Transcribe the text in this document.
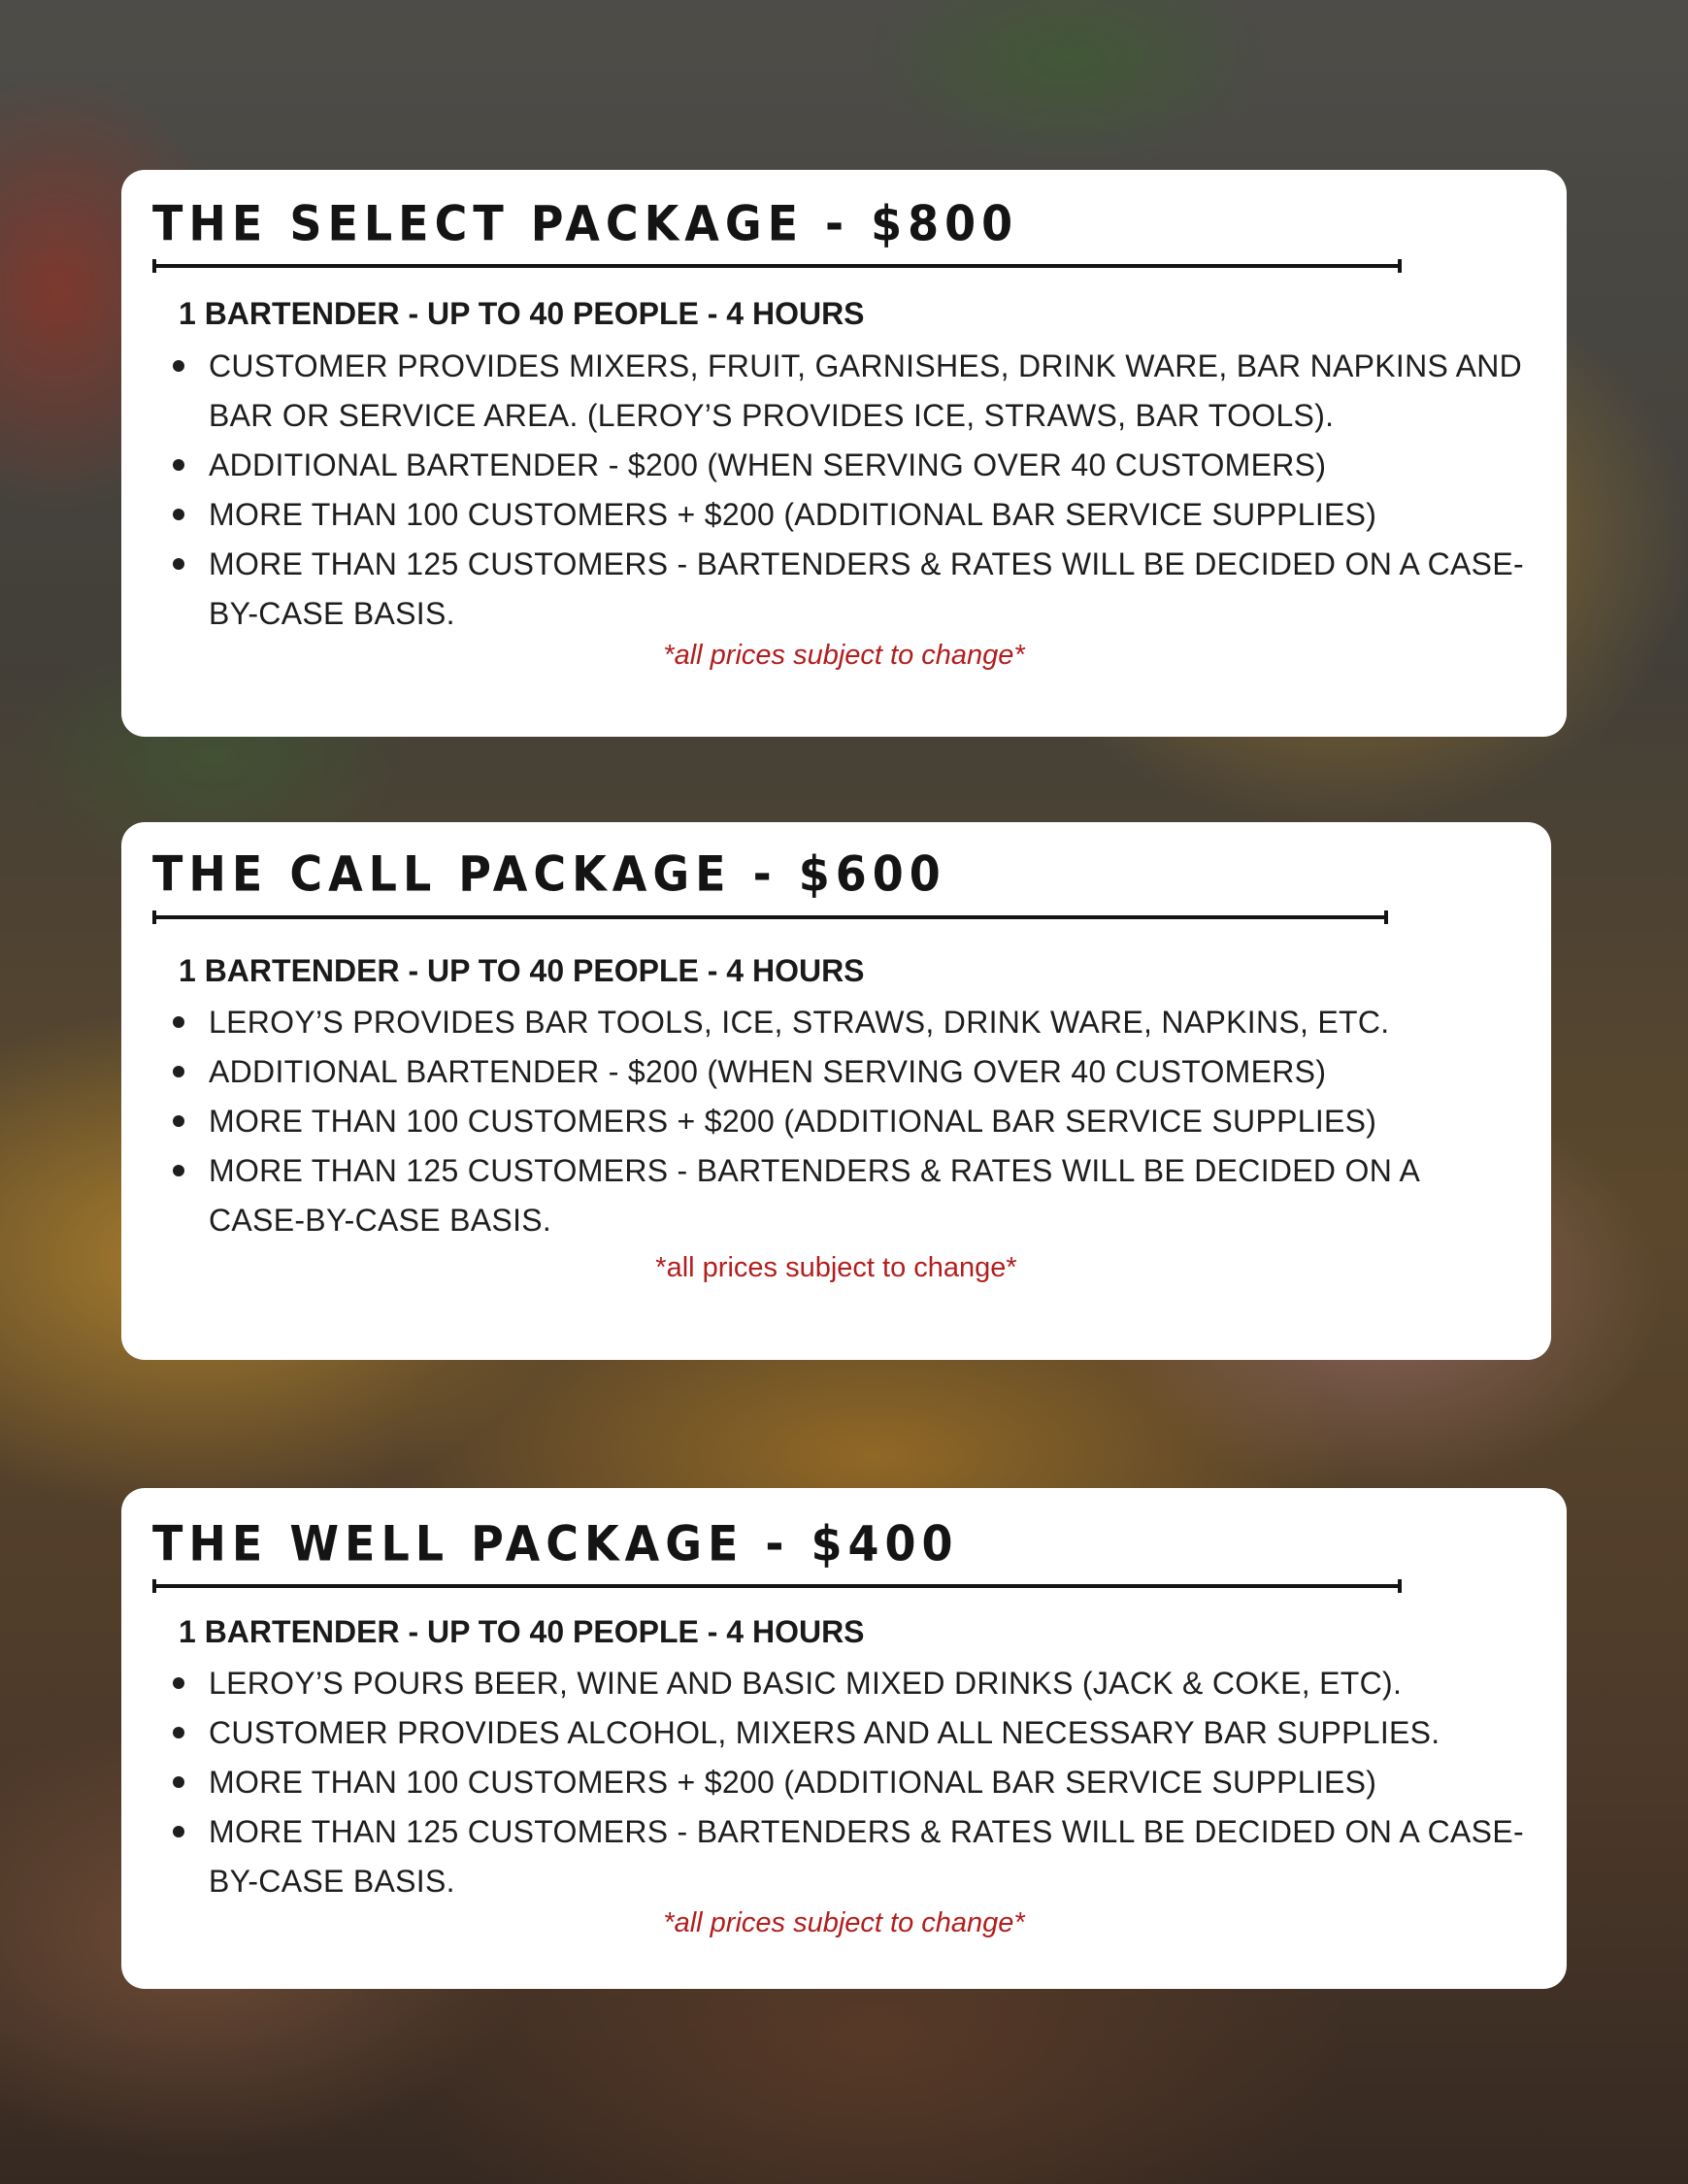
THE SELECT PACKAGE - $800
1 BARTENDER - UP TO 40 PEOPLE - 4 HOURS
CUSTOMER PROVIDES MIXERS, FRUIT, GARNISHES, DRINK WARE, BAR NAPKINS AND BAR OR SERVICE AREA. (LEROY’S PROVIDES ICE, STRAWS, BAR TOOLS).
ADDITIONAL BARTENDER - $200 (WHEN SERVING OVER 40 CUSTOMERS)
MORE THAN 100 CUSTOMERS + $200 (ADDITIONAL BAR SERVICE SUPPLIES)
MORE THAN 125 CUSTOMERS - BARTENDERS & RATES WILL BE DECIDED ON A CASE-BY-CASE BASIS.
*all prices subject to change*
THE CALL PACKAGE - $600
1 BARTENDER - UP TO 40 PEOPLE - 4 HOURS
LEROY’S PROVIDES BAR TOOLS, ICE, STRAWS, DRINK WARE, NAPKINS, ETC.
ADDITIONAL BARTENDER - $200 (WHEN SERVING OVER 40 CUSTOMERS)
MORE THAN 100 CUSTOMERS + $200 (ADDITIONAL BAR SERVICE SUPPLIES)
MORE THAN 125 CUSTOMERS - BARTENDERS & RATES WILL BE DECIDED ON A CASE-BY-CASE BASIS.
*all prices subject to change*
THE WELL PACKAGE - $400
1 BARTENDER - UP TO 40 PEOPLE - 4 HOURS
LEROY’S POURS BEER, WINE AND BASIC MIXED DRINKS (JACK & COKE, ETC).
CUSTOMER PROVIDES ALCOHOL, MIXERS AND ALL NECESSARY BAR SUPPLIES.
MORE THAN 100 CUSTOMERS + $200 (ADDITIONAL BAR SERVICE SUPPLIES)
MORE THAN 125 CUSTOMERS - BARTENDERS & RATES WILL BE DECIDED ON A CASE-BY-CASE BASIS.
*all prices subject to change*
